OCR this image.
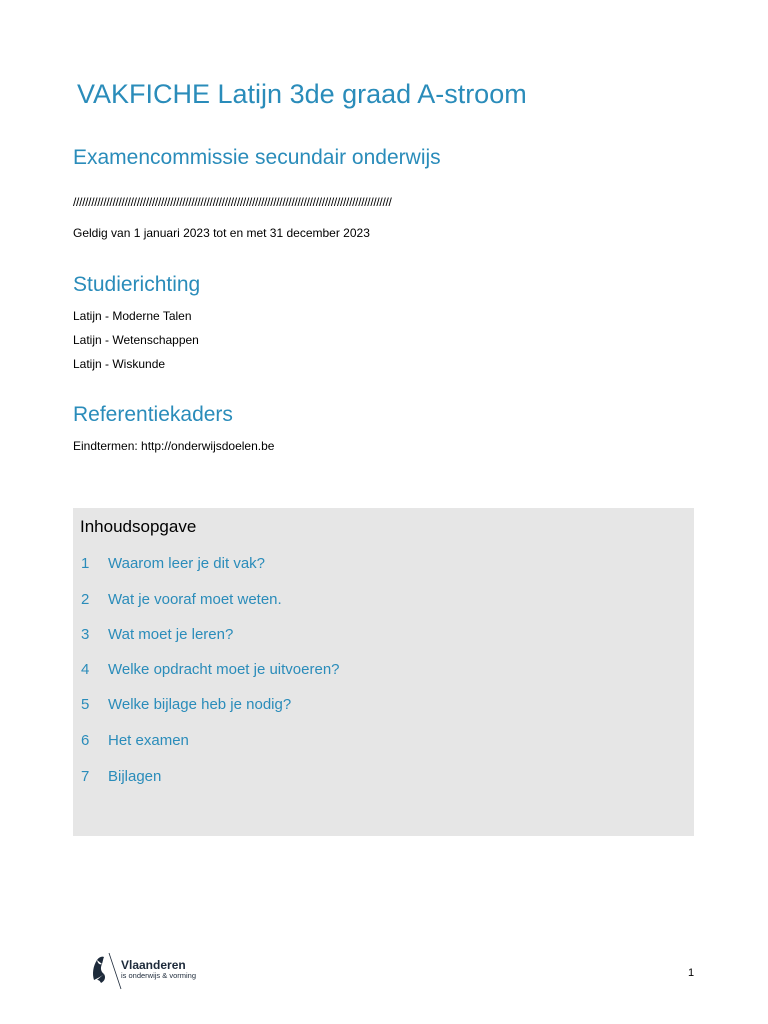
VAKFICHE Latijn 3de graad A-stroom
Examencommissie secundair onderwijs
/////////////////////////////////////////////////////////////////////////////////////////////////////////
Geldig van 1 januari 2023 tot en met 31 december 2023
Studierichting
Latijn - Moderne Talen
Latijn - Wetenschappen
Latijn - Wiskunde
Referentiekaders
Eindtermen: http://onderwijsdoelen.be
Inhoudsopgave
1 Waarom leer je dit vak?
2 Wat je vooraf moet weten.
3 Wat moet je leren?
4 Welke opdracht moet je uitvoeren?
5 Welke bijlage heb je nodig?
6 Het examen
7 Bijlagen
Vlaanderen
is onderwijs & vorming	1
